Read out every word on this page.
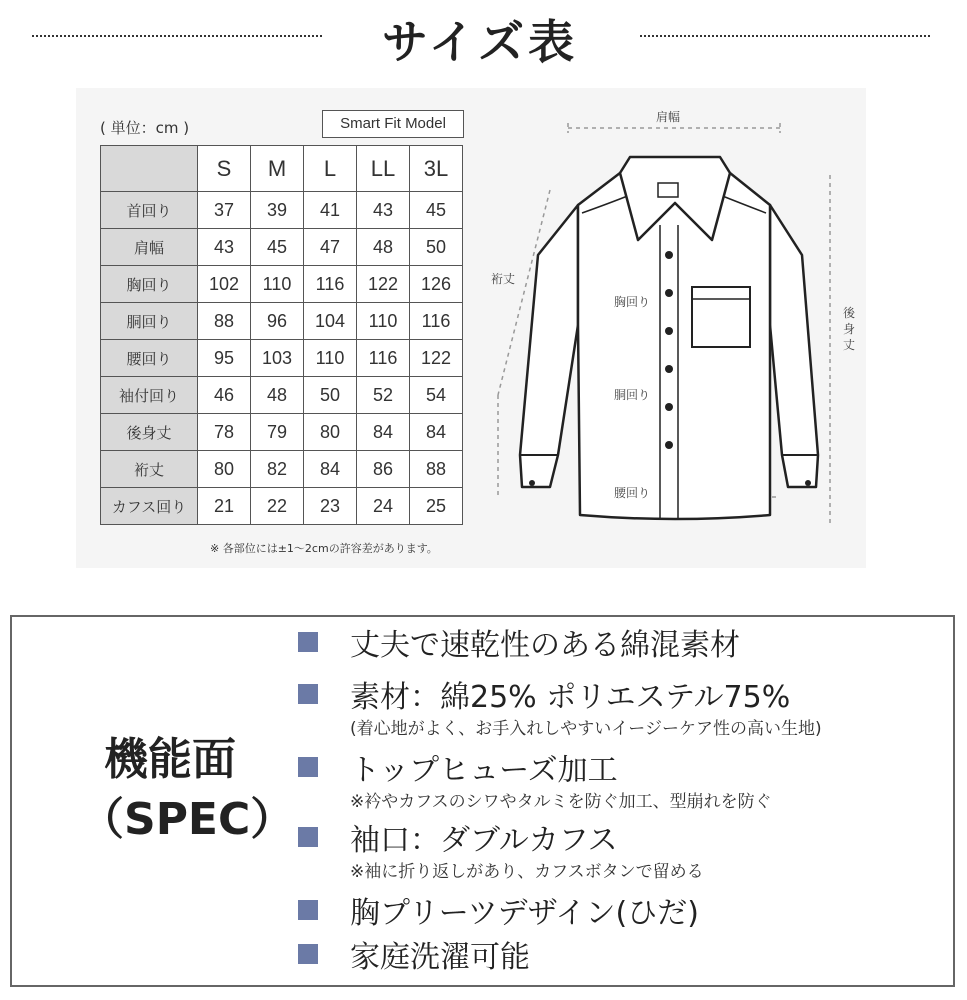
サイズ表
( 単位：cm )	Smart Fit Model
	S	M	L	LL	3L
首回り	37	39	41	43	45
肩幅	43	45	47	48	50
胸回り	102	110	116	122	126
胴回り	88	96	104	110	116
腰回り	95	103	110	116	122
袖付回り	46	48	50	52	54
後身丈	78	79	80	84	84
裄丈	80	82	84	86	88
カフス回り	21	22	23	24	25
※ 各部位には±1〜2cmの許容差があります。
肩幅
裄丈
後
身
丈
胸回り
胴回り
腰回り
機能面
（SPEC）
丈夫で速乾性のある綿混素材
素材：綿25% ポリエステル75%
(着心地がよく、お手入れしやすいイージーケア性の高い生地)
トップヒューズ加工
※衿やカフスのシワやタルミを防ぐ加工、型崩れを防ぐ
袖口：ダブルカフス
※袖に折り返しがあり、カフスボタンで留める
胸プリーツデザイン(ひだ)
家庭洗濯可能
